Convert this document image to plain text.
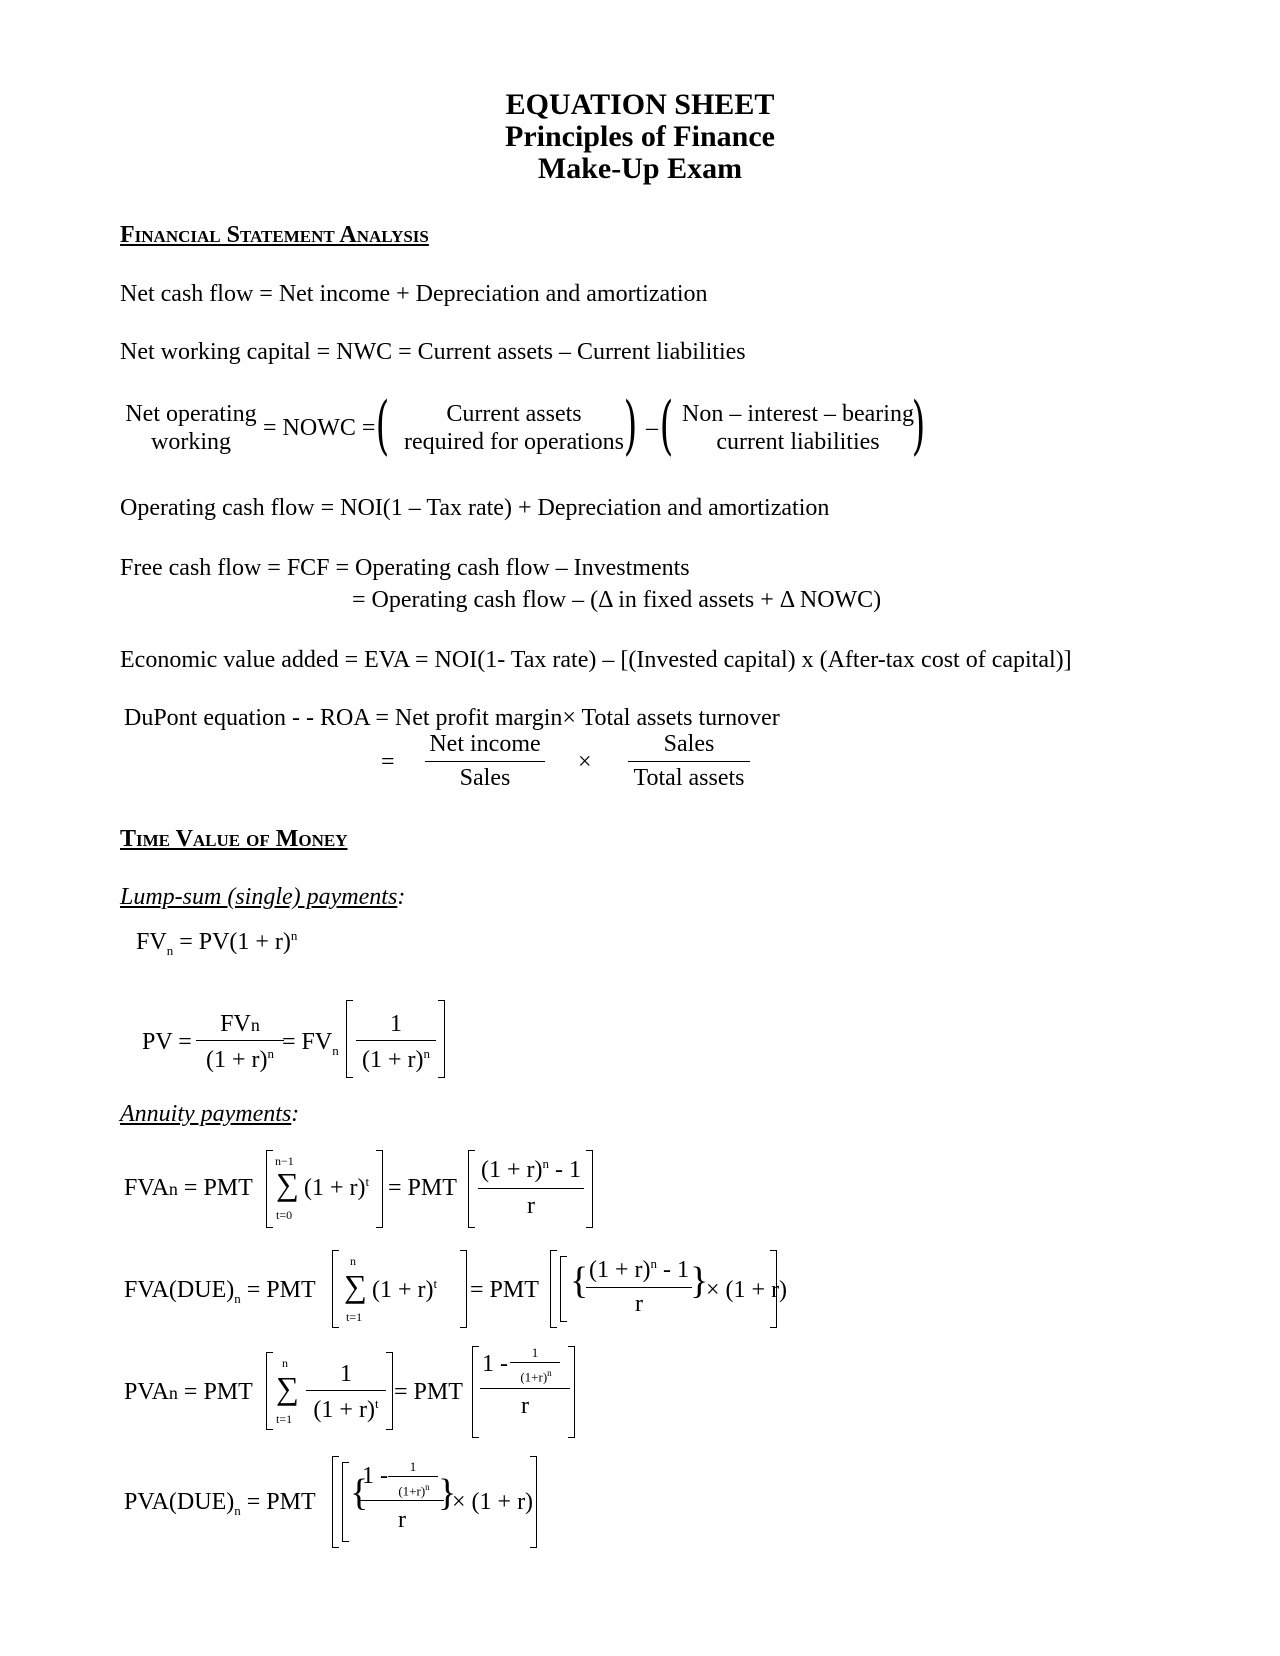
EQUATION SHEET
Principles of Finance
Make-Up Exam
Financial Statement Analysis
Net cash flow = Net income + Depreciation and amortization
Net working capital = NWC = Current assets – Current liabilities
Net operating
working
= NOWC = (	Current assets
required for operations ) – ( Non – interest – bearing
current liabilities )
Operating cash flow = NOI(1 – Tax rate) + Depreciation and amortization
Free cash flow = FCF = Operating cash flow – Investments
= Operating cash flow – (Δ in fixed assets + Δ NOWC)
Economic value added = EVA = NOI(1- Tax rate) – [(Invested capital) x (After-tax cost of capital)]
DuPont equation - - ROA = Net profit margin× Total assets turnover
=
Net income
Sales
×
Sales
Total assets
Time Value of Money
Lump-sum (single) payments:
$FV_n = PV(1 + r)^n$
PV =
FVn
$(1 + r)^n = FV_n$
1
$(1 + r)^n$
Annuity payments:
FVAn = PMT
n−1
∑
t=0
$(1 + r)^t$ = PMT
$(1 + r)^n - 1$
r
$FVA(DUE)_n$ = PMT
n
∑
t=1
$(1 + r)^t$ = PMT { $(1 + r)^n - 1$
r
}
× (1 + r)
PVAn = PMT
n
∑
t=1
1
$(1 + r)^t$ = PMT
1 -	1
$(1+r)^n$
r
$PVA(DUE)_n$ = PMT {
1 -	1
$(1+r)^n$
r
}
× (1 + r)
